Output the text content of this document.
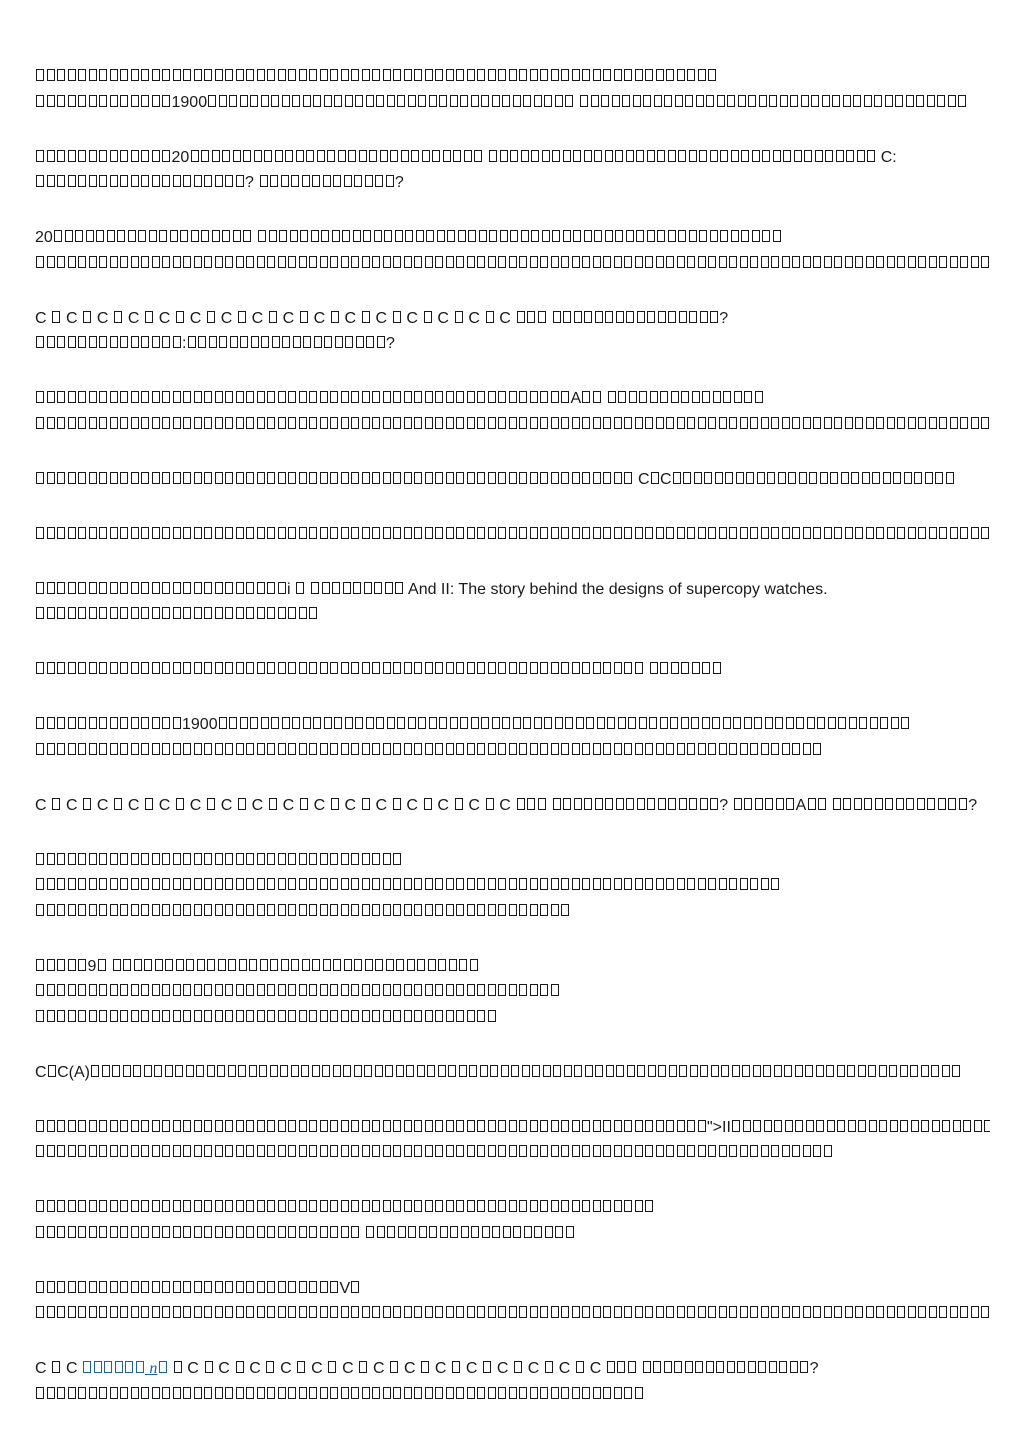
1900
20	C:
?	?
20
C  C  C  C  C  C  C  C  C  C  C  C  C  C  C  C	?
:	?
A
C C
i	And II: The story behind the designs of supercopy watches.

1900
C  C  C  C  C  C  C  C  C  C  C  C  C  C  C  C	?	A	?
9
C C(A)
">II

V
C  C	n  C  C  C  C  C  C  C  C  C  C  C  C  C  C	?
